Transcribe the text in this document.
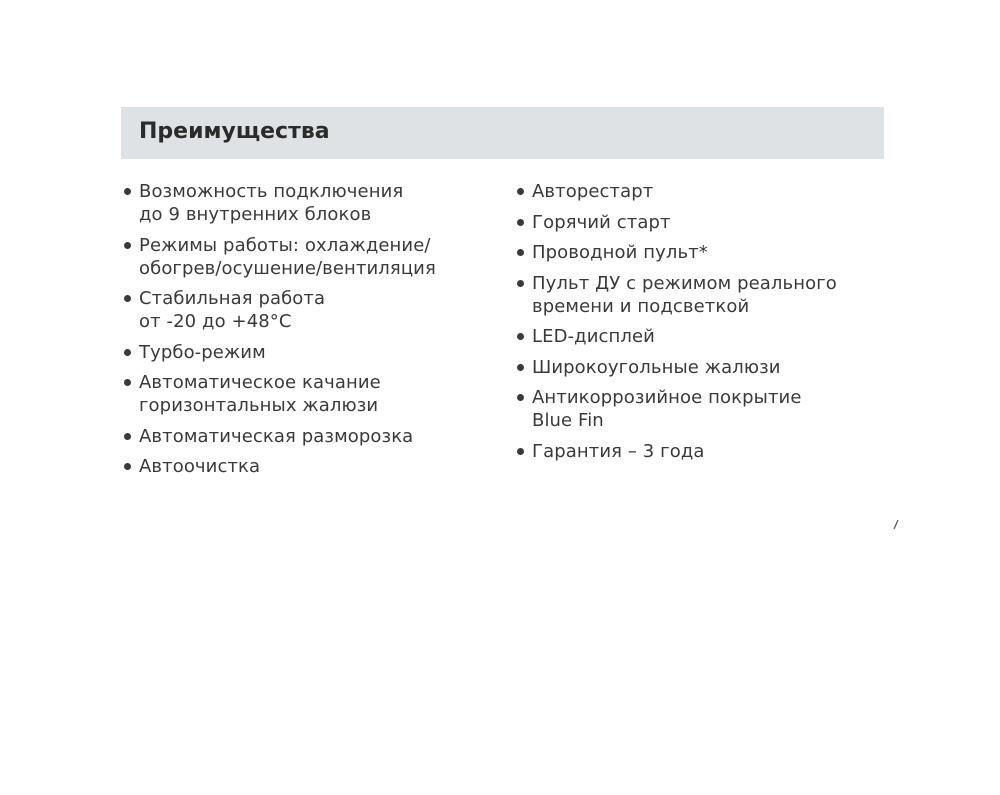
Преимущества
Возможность подключения
до 9 внутренних блоков
Режимы работы: охлаждение/
обогрев/осушение/вентиляция
Стабильная работа
от -20 до +48°C
Турбо-режим
Автоматическое качание
горизонтальных жалюзи
Автоматическая разморозка
Автоочистка
Авторестарт
Горячий старт
Проводной пульт*
Пульт ДУ с режимом реального
времени и подсветкой
LED-дисплей
Широкоугольные жалюзи
Антикоррозийное покрытие
Blue Fin
Гарантия – 3 года
